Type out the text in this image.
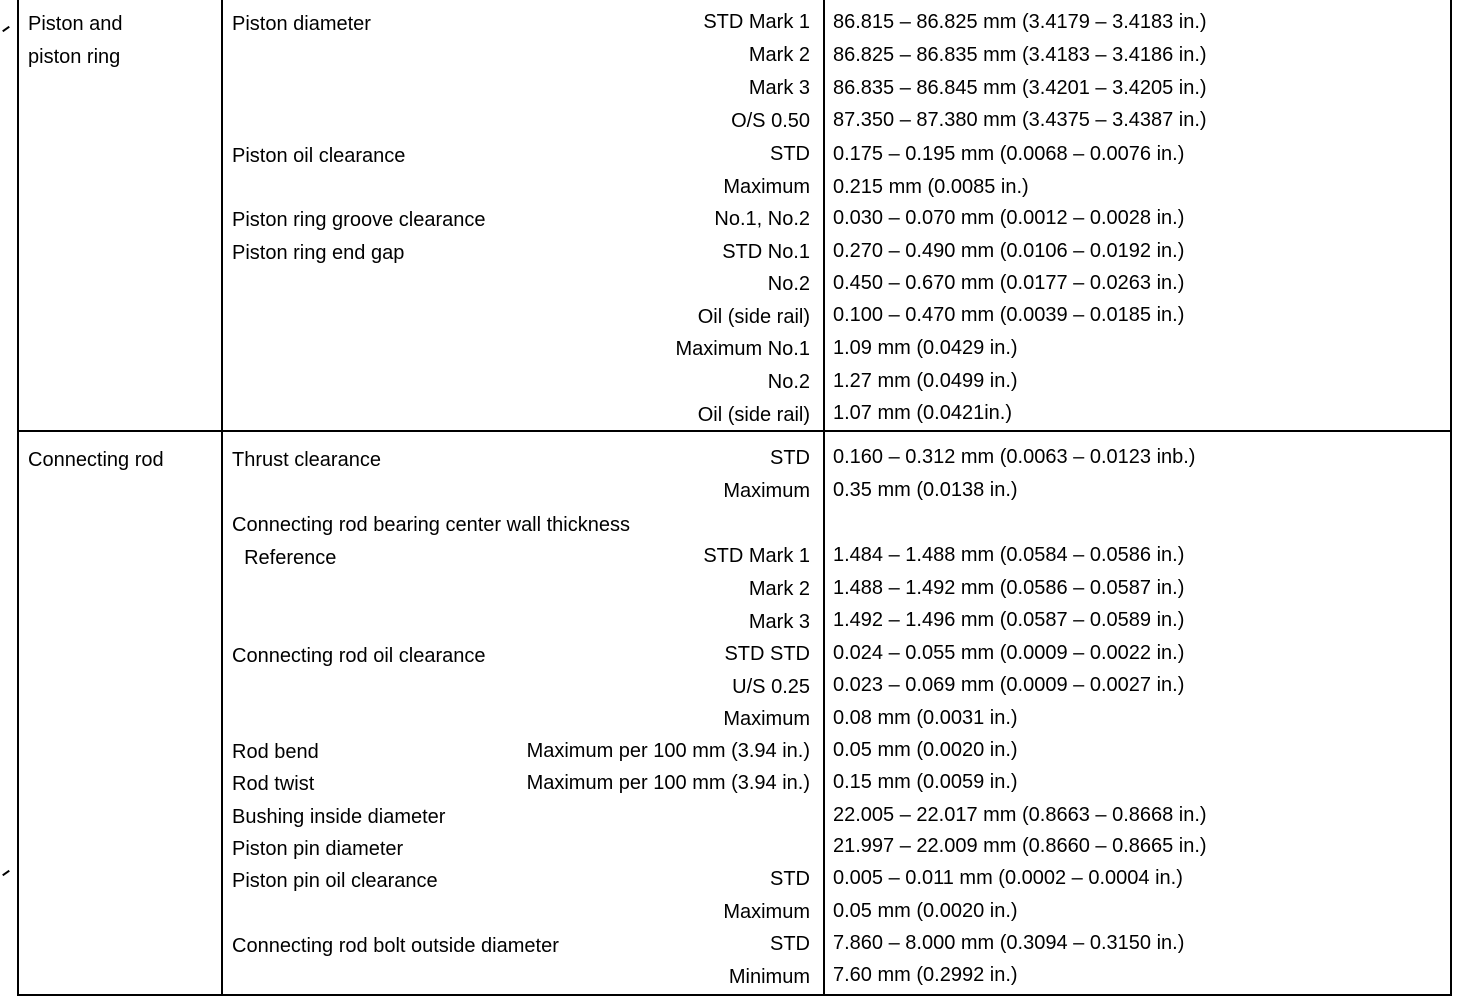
Piston and
piston ring
Piston diameter	STD Mark 1 86.815 – 86.825 mm (3.4179 – 3.4183 in.)
Mark 2 86.825 – 86.835 mm (3.4183 – 3.4186 in.)
Mark 3 86.835 – 86.845 mm (3.4201 – 3.4205 in.)
O/S 0.50 87.350 – 87.380 mm (3.4375 – 3.4387 in.)
Piston oil clearance	STD 0.175 – 0.195 mm (0.0068 – 0.0076 in.)
Maximum 0.215 mm (0.0085 in.)
Piston ring groove clearance	No.1, No.2 0.030 – 0.070 mm (0.0012 – 0.0028 in.)
Piston ring end gap	STD No.1 0.270 – 0.490 mm (0.0106 – 0.0192 in.)
No.2 0.450 – 0.670 mm (0.0177 – 0.0263 in.)
Oil (side rail) 0.100 – 0.470 mm (0.0039 – 0.0185 in.)
Maximum No.1 1.09 mm (0.0429 in.)
No.2 1.27 mm (0.0499 in.)
Oil (side rail) 1.07 mm (0.0421in.)
Connecting rod	Thrust clearance	STD 0.160 – 0.312 mm (0.0063 – 0.0123 inb.)
Maximum 0.35 mm (0.0138 in.)
Connecting rod bearing center wall thickness
Reference	STD Mark 1 1.484 – 1.488 mm (0.0584 – 0.0586 in.)
Mark 2 1.488 – 1.492 mm (0.0586 – 0.0587 in.)
Mark 3 1.492 – 1.496 mm (0.0587 – 0.0589 in.)
Connecting rod oil clearance	STD STD 0.024 – 0.055 mm (0.0009 – 0.0022 in.)
U/S 0.25 0.023 – 0.069 mm (0.0009 – 0.0027 in.)
Maximum 0.08 mm (0.0031 in.)
Rod bend	Maximum per 100 mm (3.94 in.) 0.05 mm (0.0020 in.)
Rod twist	Maximum per 100 mm (3.94 in.) 0.15 mm (0.0059 in.)
Bushing inside diameter	22.005 – 22.017 mm (0.8663 – 0.8668 in.)
Piston pin diameter	21.997 – 22.009 mm (0.8660 – 0.8665 in.)
Piston pin oil clearance	STD 0.005 – 0.011 mm (0.0002 – 0.0004 in.)
Maximum 0.05 mm (0.0020 in.)
Connecting rod bolt outside diameter	STD 7.860 – 8.000 mm (0.3094 – 0.3150 in.)
Minimum 7.60 mm (0.2992 in.)
